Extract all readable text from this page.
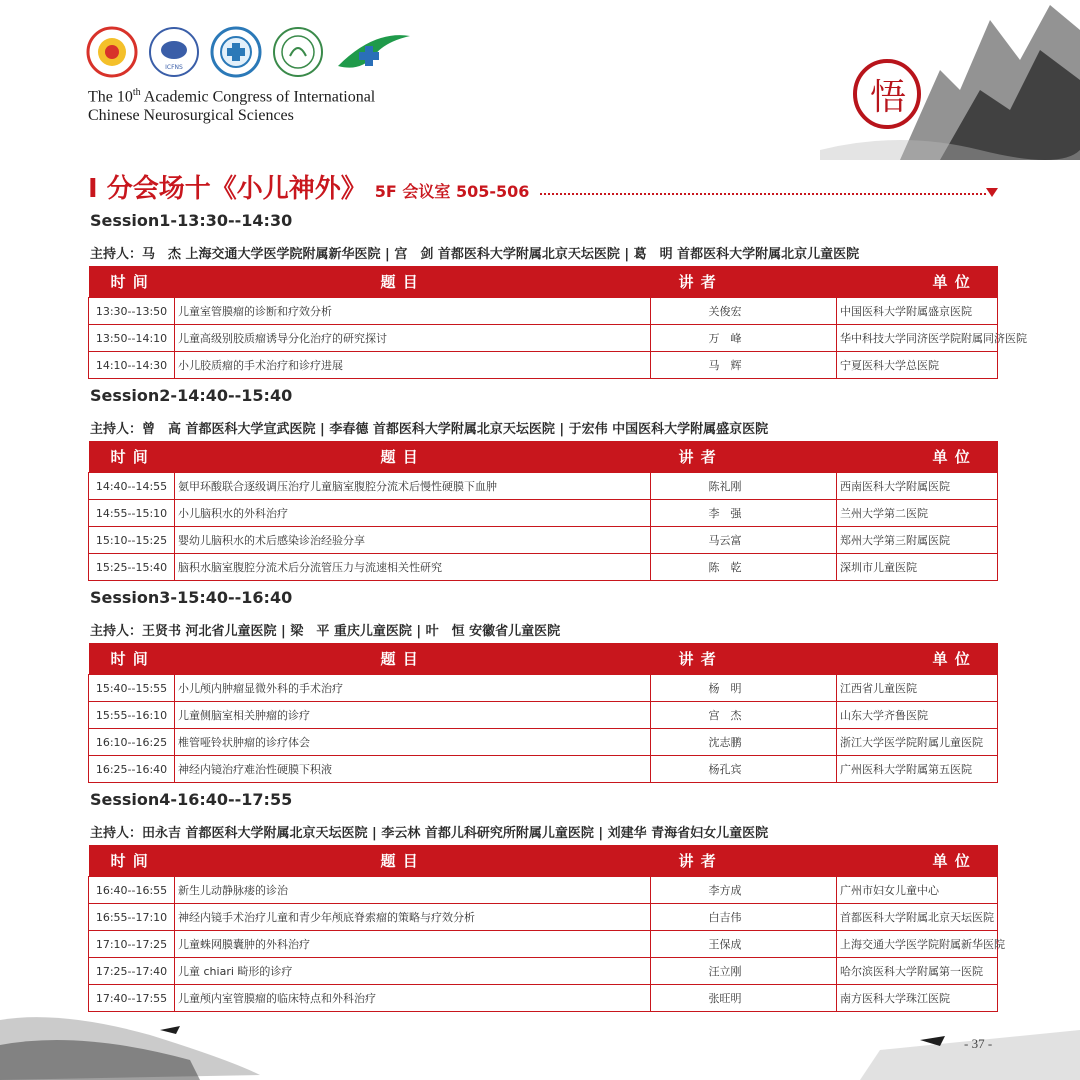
ICFNS
The 10th Academic Congress of International
Chinese Neurosurgical Sciences	悟
I 分会场十《小儿神外》 5F 会议室 505-506
Session1-13:30--14:30
主持人：马　杰 上海交通大学医学院附属新华医院 | 宫　剑 首都医科大学附属北京天坛医院 | 葛　明 首都医科大学附属北京儿童医院
时 间	题 目	讲 者	单 位
13:30--13:50	儿童室管膜瘤的诊断和疗效分析	关俊宏	中国医科大学附属盛京医院
13:50--14:10	儿童高级别胶质瘤诱导分化治疗的研究探讨	万　峰	华中科技大学同济医学院附属同济医院
14:10--14:30	小儿胶质瘤的手术治疗和诊疗进展	马　辉	宁夏医科大学总医院
Session2-14:40--15:40
主持人：曾　高 首都医科大学宣武医院 | 李春德 首都医科大学附属北京天坛医院 | 于宏伟 中国医科大学附属盛京医院
时 间	题 目	讲 者	单 位
14:40--14:55	氨甲环酸联合逐级调压治疗儿童脑室腹腔分流术后慢性硬膜下血肿	陈礼刚	西南医科大学附属医院
14:55--15:10	小儿脑积水的外科治疗	李　强	兰州大学第二医院
15:10--15:25	婴幼儿脑积水的术后感染诊治经验分享	马云富	郑州大学第三附属医院
15:25--15:40	脑积水脑室腹腔分流术后分流管压力与流速相关性研究	陈　乾	深圳市儿童医院
Session3-15:40--16:40
主持人：王贤书 河北省儿童医院 | 梁　平 重庆儿童医院 | 叶　恒 安徽省儿童医院
时 间	题 目	讲 者	单 位
15:40--15:55	小儿颅内肿瘤显微外科的手术治疗	杨　明	江西省儿童医院
15:55--16:10	儿童侧脑室相关肿瘤的诊疗	宫　杰	山东大学齐鲁医院
16:10--16:25	椎管哑铃状肿瘤的诊疗体会	沈志鹏	浙江大学医学院附属儿童医院
16:25--16:40	神经内镜治疗难治性硬膜下积液	杨孔宾	广州医科大学附属第五医院
Session4-16:40--17:55
主持人：田永吉 首都医科大学附属北京天坛医院 | 李云林 首都儿科研究所附属儿童医院 | 刘建华 青海省妇女儿童医院
时 间	题 目	讲 者	单 位
16:40--16:55	新生儿动静脉瘘的诊治	李方成	广州市妇女儿童中心
16:55--17:10	神经内镜手术治疗儿童和青少年颅底脊索瘤的策略与疗效分析	白吉伟	首都医科大学附属北京天坛医院
17:10--17:25	儿童蛛网膜囊肿的外科治疗	王保成	上海交通大学医学院附属新华医院
17:25--17:40	儿童 chiari 畸形的诊疗	汪立刚	哈尔滨医科大学附属第一医院
17:40--17:55	儿童颅内室管膜瘤的临床特点和外科治疗	张旺明	南方医科大学珠江医院
- 37 -
